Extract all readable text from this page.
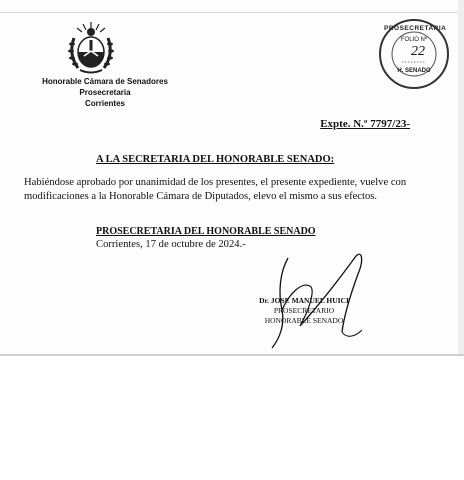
Honorable Cámara de Senadores
Prosecretaria
Corrientes
PROSECRETARIA
FOLIO Nº
22
H. SENADO
Expte. N.º 7797/23-
A LA SECRETARIA DEL HONORABLE SENADO:
Habiéndose aprobado por unanimidad de los presentes, el presente expediente, vuelve con modificaciones a la Honorable Cámara de Diputados, elevo el mismo a sus efectos.
PROSECRETARIA DEL HONORABLE SENADO
Corrientes, 17 de octubre de 2024.-
Dr. JOSE MANUEL HUICI
PROSECRETARIO
HONORABLE SENADO
